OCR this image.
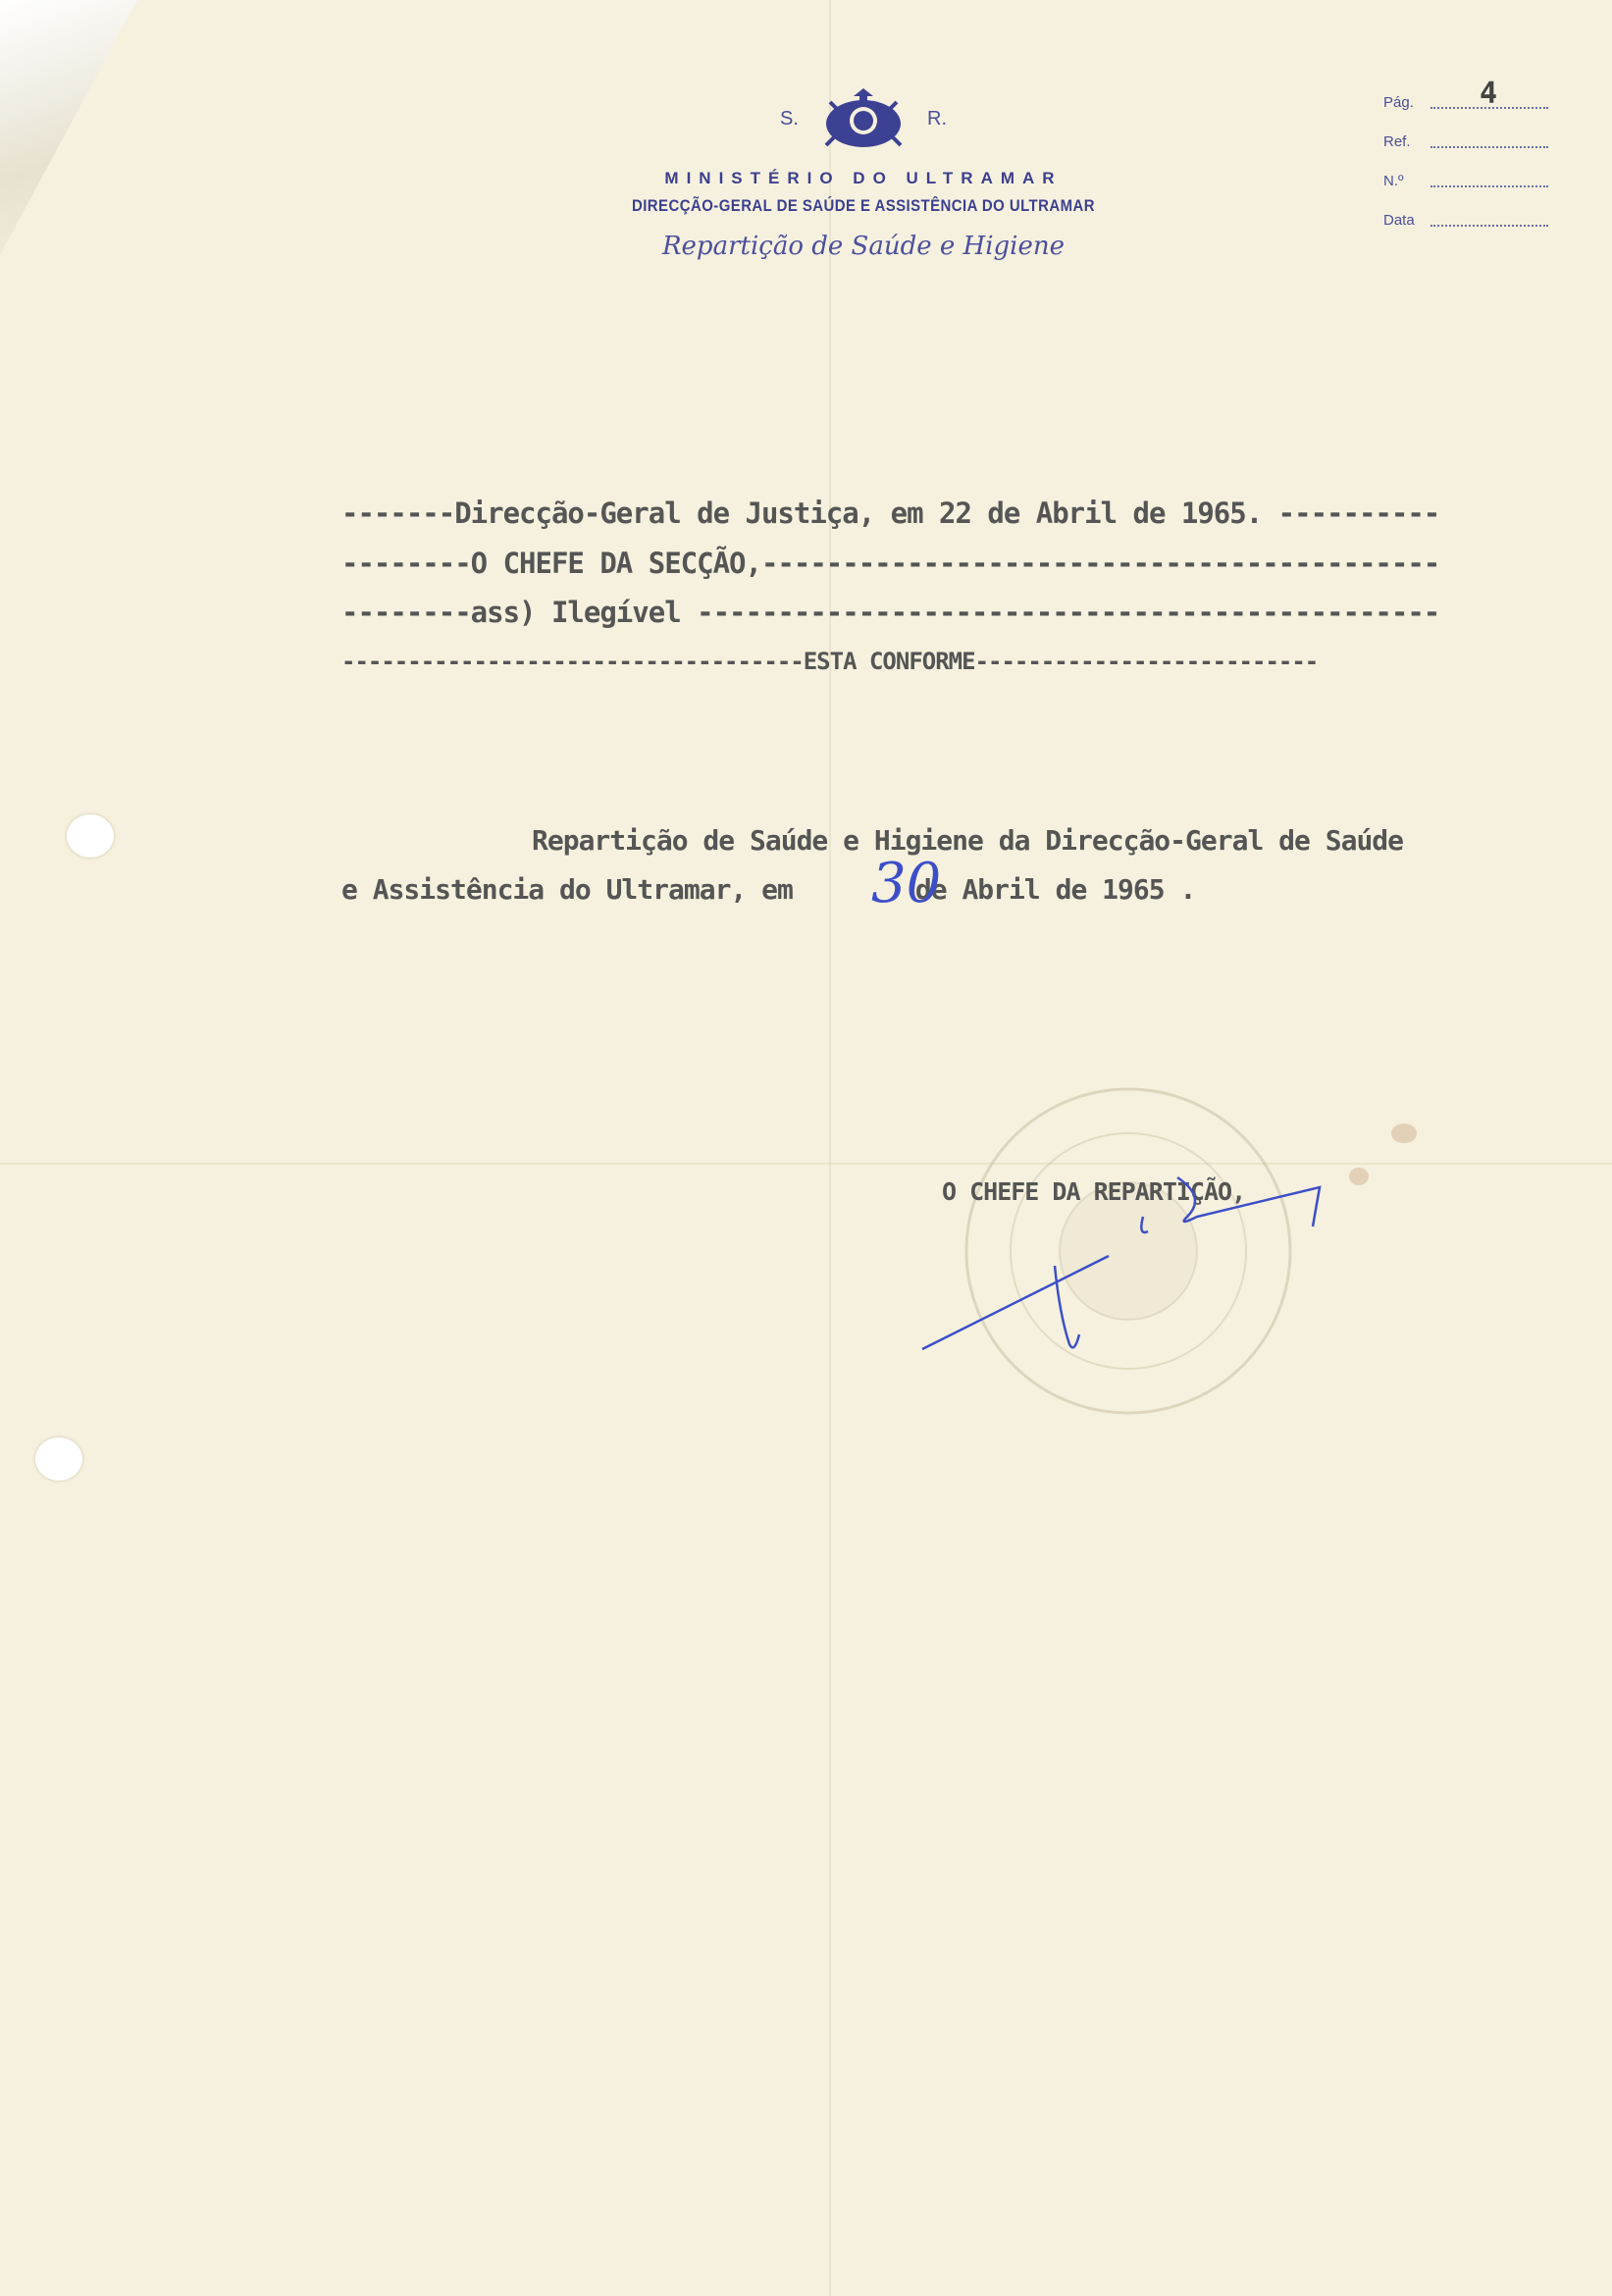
S.	R.
MINISTÉRIO DO ULTRAMAR
DIRECÇÃO-GERAL DE SAÚDE E ASSISTÊNCIA DO ULTRAMAR
Repartição de Saúde e Higiene
Pág. 4
Ref.
N.º
Data
-------Direcção-Geral de Justiça, em 22 de Abril de 1965. ----------
--------O CHEFE DA SECÇÃO,------------------------------------------
--------ass) Ilegível ----------------------------------------------
-----------------------------------ESTA CONFORME--------------------------
Repartição de Saúde e Higiene da Direcção-Geral de Saúde
e Assistência do Ultramar, em	de Abril de 1965 .
30
O CHEFE DA REPARTIÇÃO,
